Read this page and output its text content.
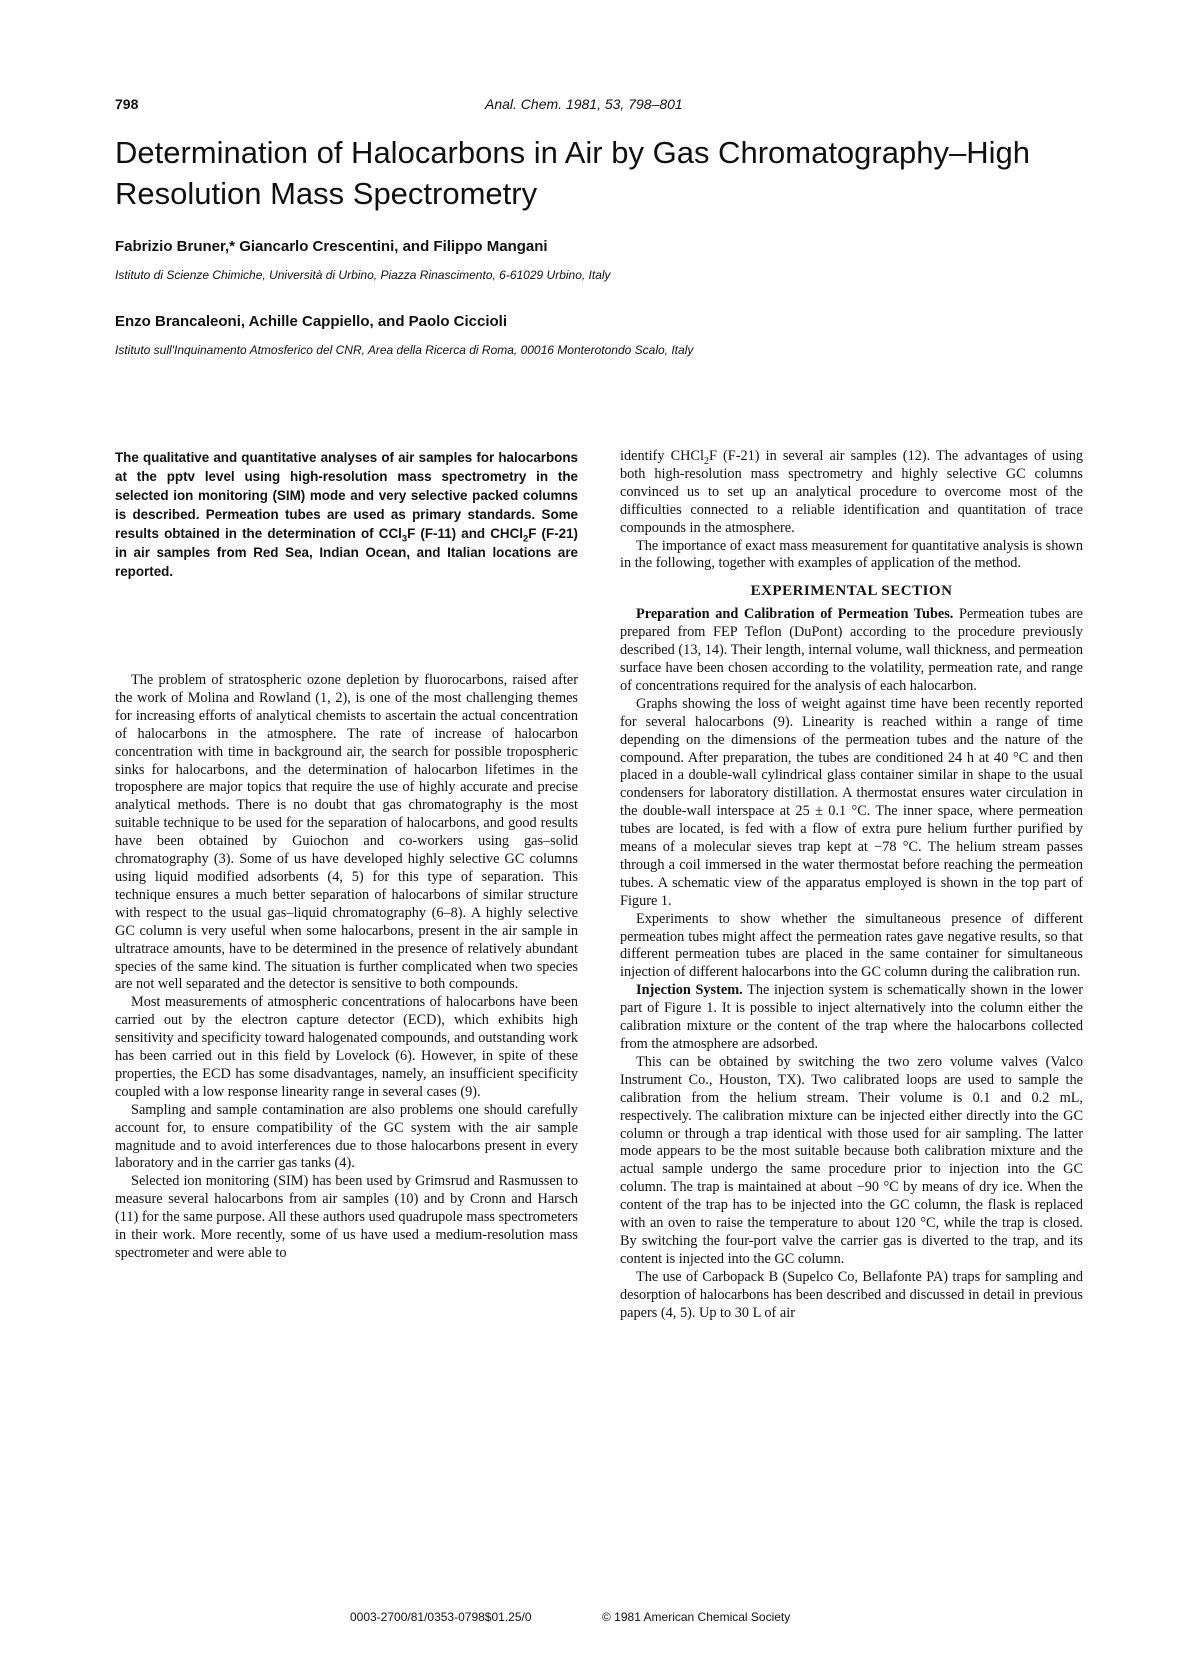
798	Anal. Chem. 1981, 53, 798–801
Determination of Halocarbons in Air by Gas Chromatography–High Resolution Mass Spectrometry
Fabrizio Bruner,* Giancarlo Crescentini, and Filippo Mangani
Istituto di Scienze Chimiche, Università di Urbino, Piazza Rinascimento, 6-61029 Urbino, Italy
Enzo Brancaleoni, Achille Cappiello, and Paolo Ciccioli
Istituto sull'Inquinamento Atmosferico del CNR, Area della Ricerca di Roma, 00016 Monterotondo Scalo, Italy

The qualitative and quantitative analyses of air samples for halocarbons at the pptv level using high-resolution mass spectrometry in the selected ion monitoring (SIM) mode and very selective packed columns is described. Permeation tubes are used as primary standards. Some results obtained in the determination of CCl$_3$F (F-11) and CHCl$_2$F (F-21) in air samples from Red Sea, Indian Ocean, and Italian locations are reported.

The problem of stratospheric ozone depletion by fluorocarbons, raised after the work of Molina and Rowland (1, 2), is one of the most challenging themes for increasing efforts of analytical chemists to ascertain the actual concentration of halocarbons in the atmosphere. The rate of increase of halocarbon concentration with time in background air, the search for possible tropospheric sinks for halocarbons, and the determination of halocarbon lifetimes in the troposphere are major topics that require the use of highly accurate and precise analytical methods. There is no doubt that gas chromatography is the most suitable technique to be used for the separation of halocarbons, and good results have been obtained by Guiochon and co-workers using gas–solid chromatography (3). Some of us have developed highly selective GC columns using liquid modified adsorbents (4, 5) for this type of separation. This technique ensures a much better separation of halocarbons of similar structure with respect to the usual gas–liquid chromatography (6–8). A highly selective GC column is very useful when some halocarbons, present in the air sample in ultratrace amounts, have to be determined in the presence of relatively abundant species of the same kind. The situation is further complicated when two species are not well separated and the detector is sensitive to both compounds.

Most measurements of atmospheric concentrations of halocarbons have been carried out by the electron capture detector (ECD), which exhibits high sensitivity and specificity toward halogenated compounds, and outstanding work has been carried out in this field by Lovelock (6). However, in spite of these properties, the ECD has some disadvantages, namely, an insufficient specificity coupled with a low response linearity range in several cases (9).

Sampling and sample contamination are also problems one should carefully account for, to ensure compatibility of the GC system with the air sample magnitude and to avoid interferences due to those halocarbons present in every laboratory and in the carrier gas tanks (4).

Selected ion monitoring (SIM) has been used by Grimsrud and Rasmussen to measure several halocarbons from air samples (10) and by Cronn and Harsch (11) for the same purpose. All these authors used quadrupole mass spectrometers in their work. More recently, some of us have used a medium-resolution mass spectrometer and were able to

identify CHCl$_2$F (F-21) in several air samples (12). The advantages of using both high-resolution mass spectrometry and highly selective GC columns convinced us to set up an analytical procedure to overcome most of the difficulties connected to a reliable identification and quantitation of trace compounds in the atmosphere.

The importance of exact mass measurement for quantitative analysis is shown in the following, together with examples of application of the method.

EXPERIMENTAL SECTION

Preparation and Calibration of Permeation Tubes. Permeation tubes are prepared from FEP Teflon (DuPont) according to the procedure previously described (13, 14). Their length, internal volume, wall thickness, and permeation surface have been chosen according to the volatility, permeation rate, and range of concentrations required for the analysis of each halocarbon.

Graphs showing the loss of weight against time have been recently reported for several halocarbons (9). Linearity is reached within a range of time depending on the dimensions of the permeation tubes and the nature of the compound. After preparation, the tubes are conditioned 24 h at 40 °C and then placed in a double-wall cylindrical glass container similar in shape to the usual condensers for laboratory distillation. A thermostat ensures water circulation in the double-wall interspace at 25 ± 0.1 °C. The inner space, where permeation tubes are located, is fed with a flow of extra pure helium further purified by means of a molecular sieves trap kept at −78 °C. The helium stream passes through a coil immersed in the water thermostat before reaching the permeation tubes. A schematic view of the apparatus employed is shown in the top part of Figure 1.

Experiments to show whether the simultaneous presence of different permeation tubes might affect the permeation rates gave negative results, so that different permeation tubes are placed in the same container for simultaneous injection of different halocarbons into the GC column during the calibration run.

Injection System. The injection system is schematically shown in the lower part of Figure 1. It is possible to inject alternatively into the column either the calibration mixture or the content of the trap where the halocarbons collected from the atmosphere are adsorbed.

This can be obtained by switching the two zero volume valves (Valco Instrument Co., Houston, TX). Two calibrated loops are used to sample the calibration from the helium stream. Their volume is 0.1 and 0.2 mL, respectively. The calibration mixture can be injected either directly into the GC column or through a trap identical with those used for air sampling. The latter mode appears to be the most suitable because both calibration mixture and the actual sample undergo the same procedure prior to injection into the GC column. The trap is maintained at about −90 °C by means of dry ice. When the content of the trap has to be injected into the GC column, the flask is replaced with an oven to raise the temperature to about 120 °C, while the trap is closed. By switching the four-port valve the carrier gas is diverted to the trap, and its content is injected into the GC column.

The use of Carbopack B (Supelco Co, Bellafonte PA) traps for sampling and desorption of halocarbons has been described and discussed in detail in previous papers (4, 5). Up to 30 L of air

0003-2700/81/0353-0798$01.25/0	© 1981 American Chemical Society
